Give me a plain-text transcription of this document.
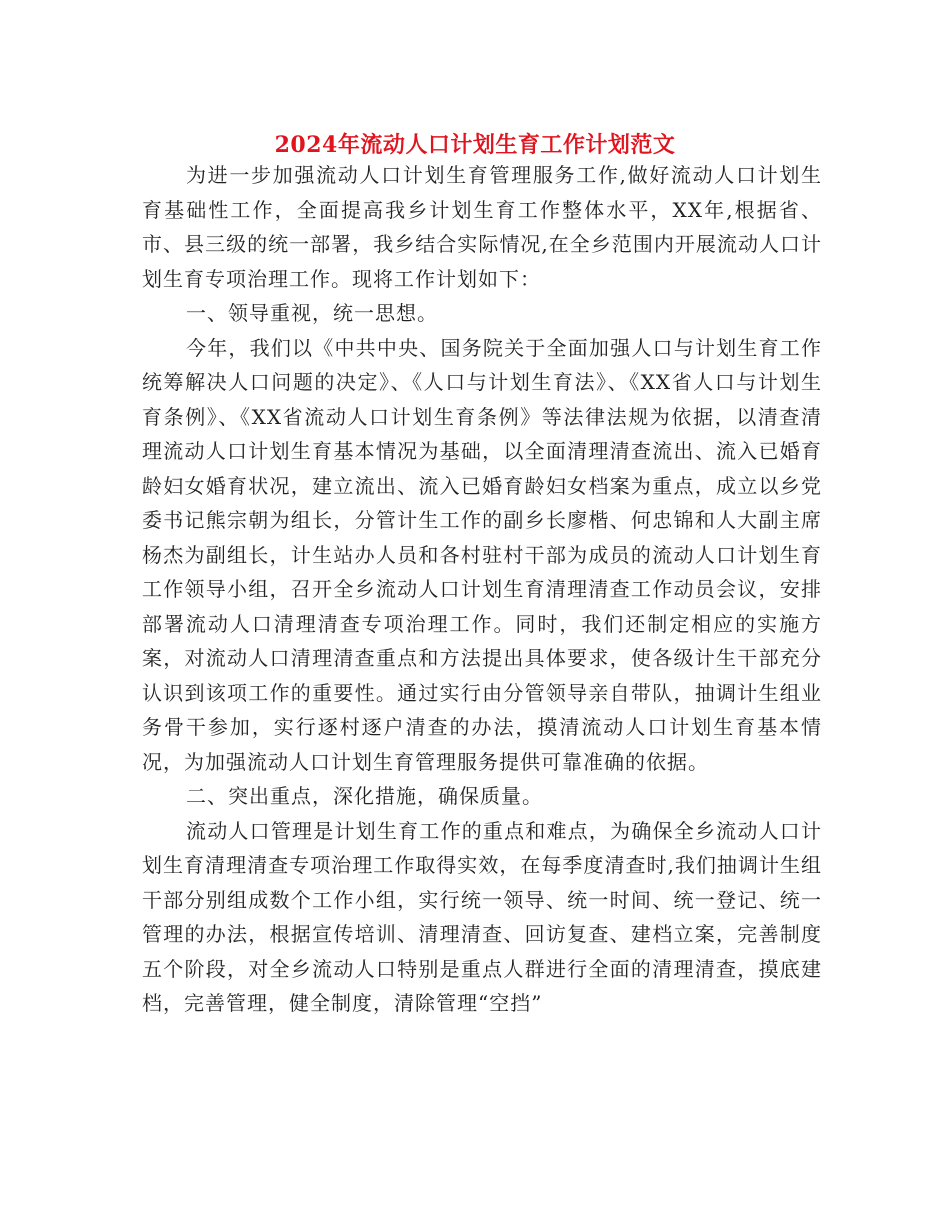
2024年流动人口计划生育工作计划范文

为进一步加强流动人口计划生育管理服务工作,做好流动人口计划生育基础性工作，全面提高我乡计划生育工作整体水平，XX年,根据省、市、县三级的统一部署，我乡结合实际情况,在全乡范围内开展流动人口计划生育专项治理工作。现将工作计划如下：

一、领导重视，统一思想。

今年，我们以《中共中央、国务院关于全面加强人口与计划生育工作统筹解决人口问题的决定》、《人口与计划生育法》、《XX省人口与计划生育条例》、《XX省流动人口计划生育条例》等法律法规为依据，以清查清理流动人口计划生育基本情况为基础，以全面清理清查流出、流入已婚育龄妇女婚育状况，建立流出、流入已婚育龄妇女档案为重点，成立以乡党委书记熊宗朝为组长，分管计生工作的副乡长廖楷、何忠锦和人大副主席杨杰为副组长，计生站办人员和各村驻村干部为成员的流动人口计划生育工作领导小组，召开全乡流动人口计划生育清理清查工作动员会议，安排部署流动人口清理清查专项治理工作。同时，我们还制定相应的实施方案，对流动人口清理清查重点和方法提出具体要求，使各级计生干部充分认识到该项工作的重要性。通过实行由分管领导亲自带队，抽调计生组业务骨干参加，实行逐村逐户清查的办法，摸清流动人口计划生育基本情况，为加强流动人口计划生育管理服务提供可靠准确的依据。

二、突出重点，深化措施，确保质量。

流动人口管理是计划生育工作的重点和难点，为确保全乡流动人口计划生育清理清查专项治理工作取得实效，在每季度清查时,我们抽调计生组干部分别组成数个工作小组，实行统一领导、统一时间、统一登记、统一管理的办法，根据宣传培训、清理清查、回访复查、建档立案，完善制度五个阶段，对全乡流动人口特别是重点人群进行全面的清理清查，摸底建档，完善管理，健全制度，清除管理“空挡”
